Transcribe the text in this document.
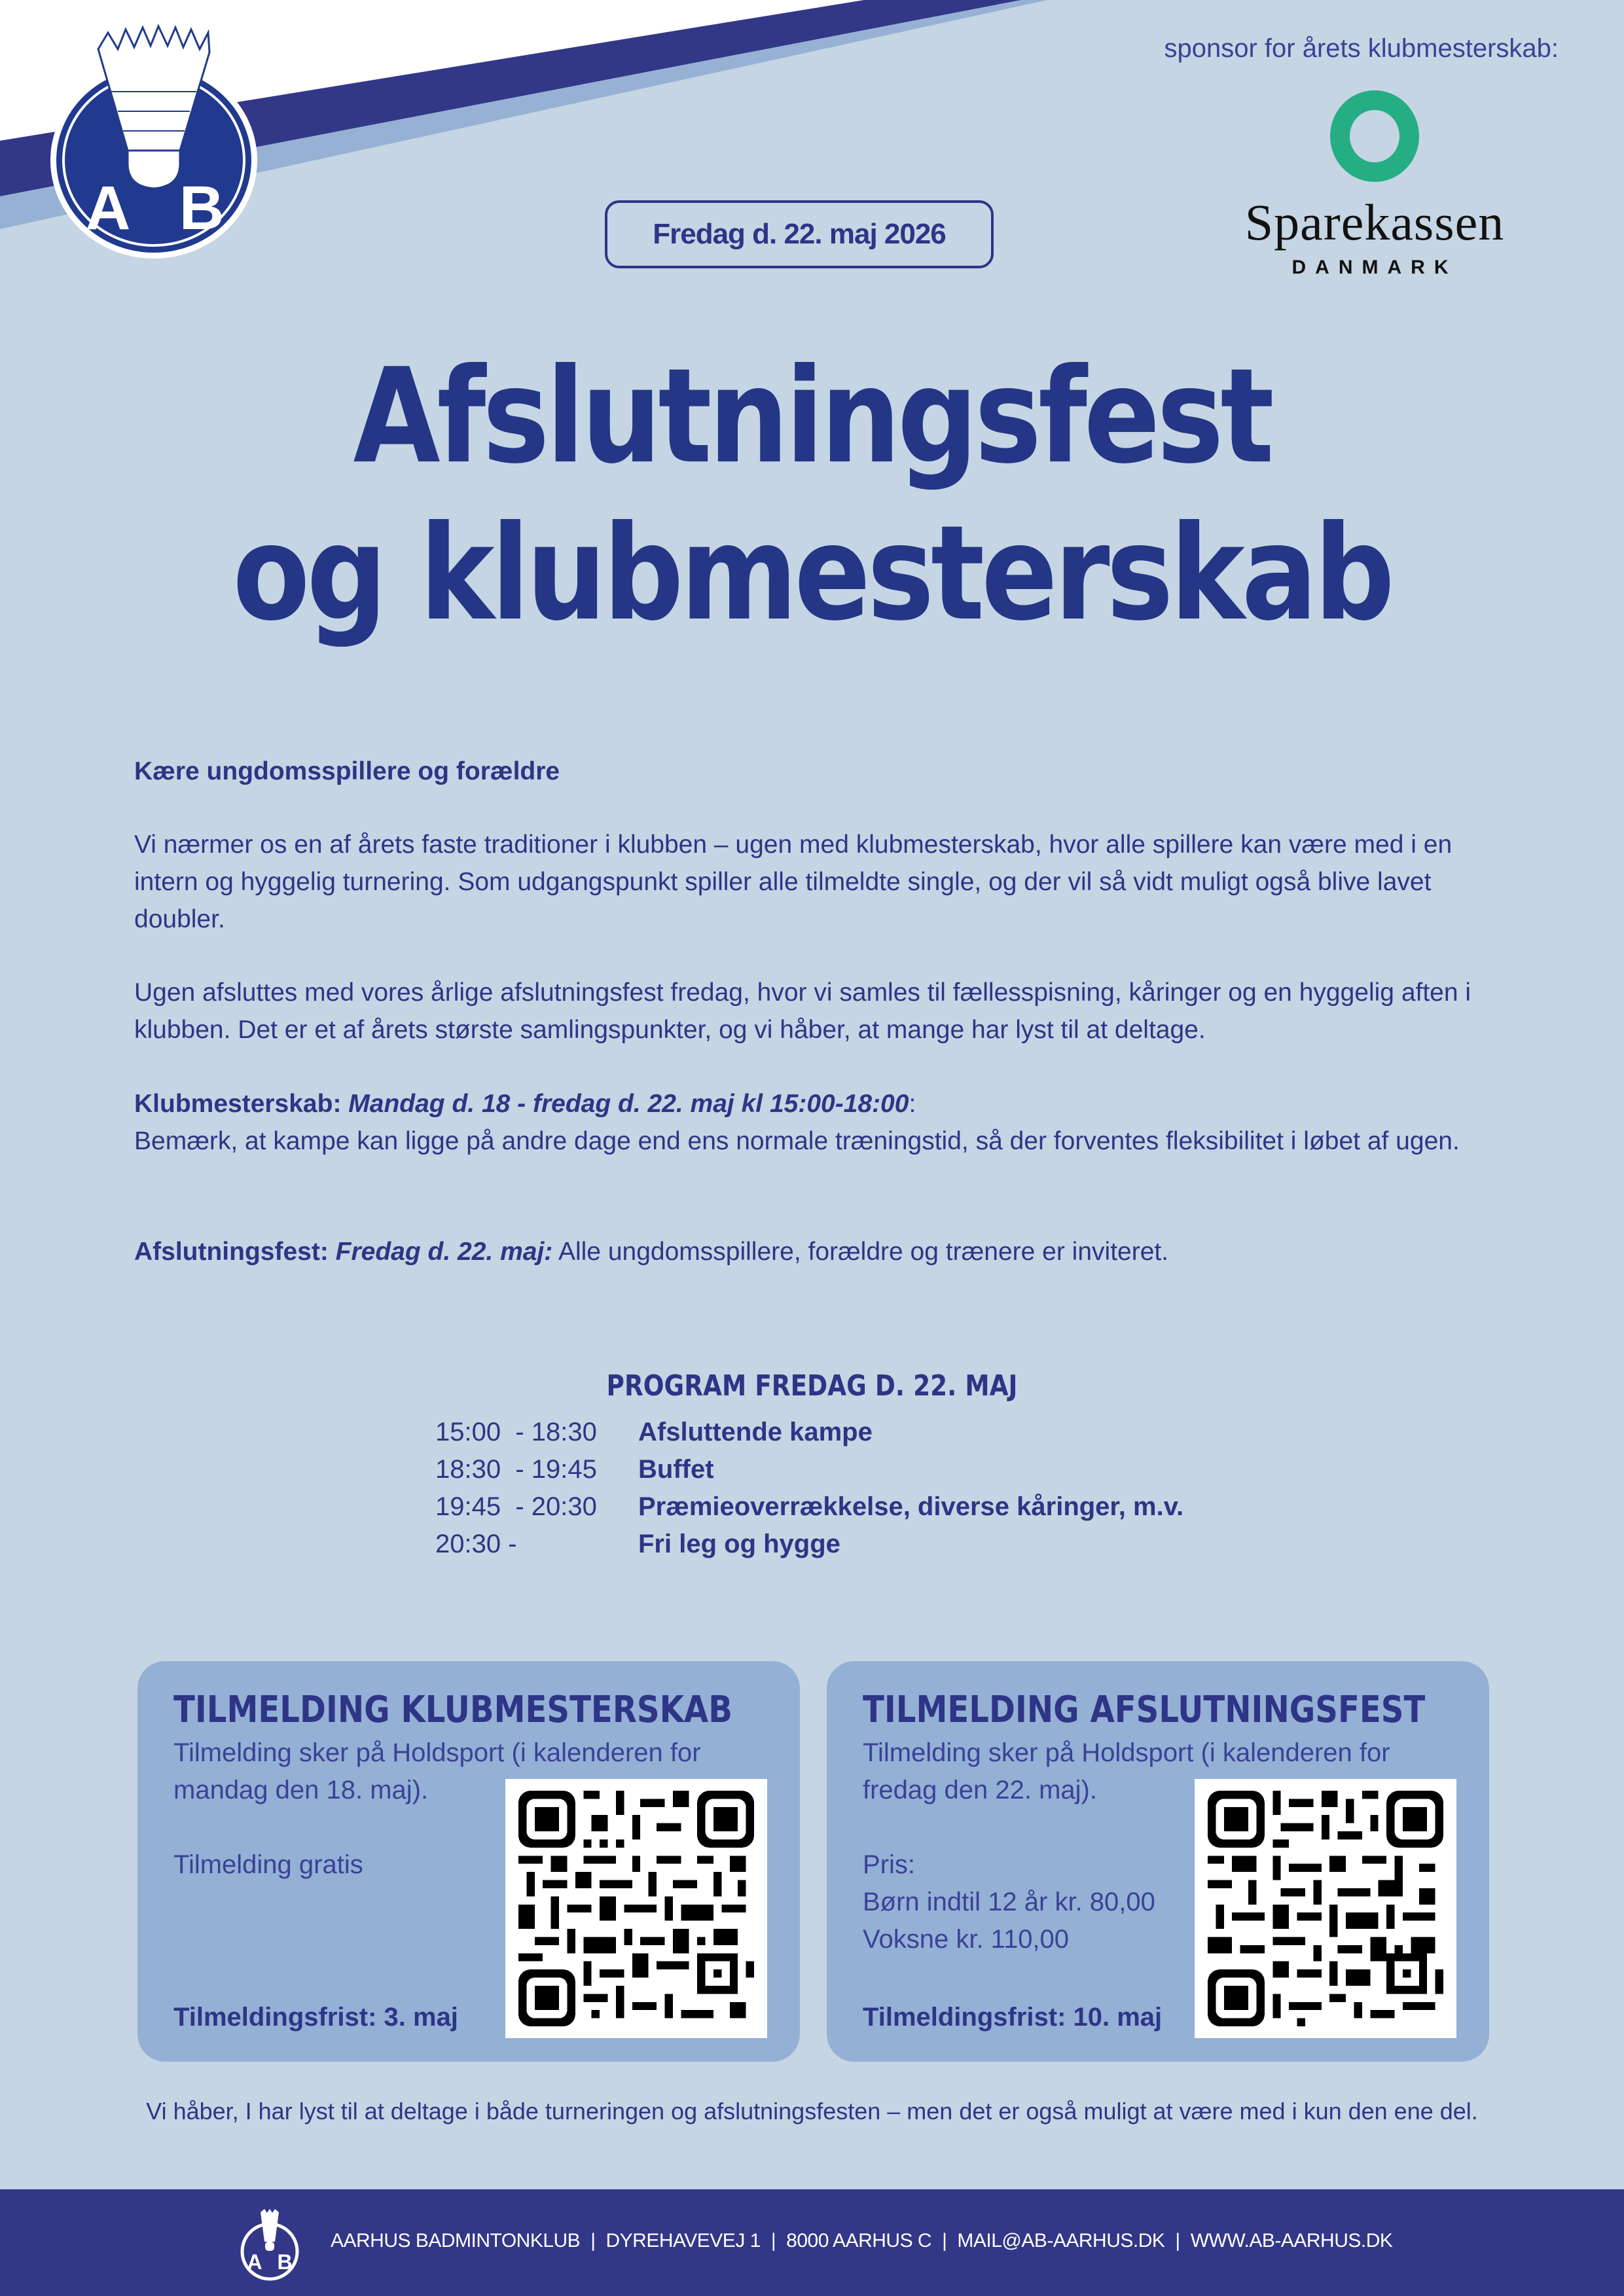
A B
sponsor for årets klubmesterskab:
Sparekassen
DANMARK
Fredag d. 22. maj 2026
Afslutningsfest
og klubmesterskab
Kære ungdomsspillere og forældre
Vi nærmer os en af årets faste traditioner i klubben – ugen med klubmesterskab, hvor alle spillere kan være med i en intern og hyggelig turnering. Som udgangspunkt spiller alle tilmeldte single, og der vil så vidt muligt også blive lavet doubler.
Ugen afsluttes med vores årlige afslutningsfest fredag, hvor vi samles til fællesspisning, kåringer og en hyggelig aften i klubben. Det er et af årets største samlingspunkter, og vi håber, at mange har lyst til at deltage.
Klubmesterskab: Mandag d. 18 - fredag d. 22. maj kl 15:00-18:00:
Bemærk, at kampe kan ligge på andre dage end ens normale træningstid, så der forventes fleksibilitet i løbet af ugen.
Afslutningsfest: Fredag d. 22. maj: Alle ungdomsspillere, forældre og trænere er inviteret.
PROGRAM FREDAG D. 22. MAJ
15:00  - 18:30	Afsluttende kampe
18:30  - 19:45	Buffet
19:45  - 20:30	Præmieoverrækkelse, diverse kåringer, m.v.
20:30 -	Fri leg og hygge
TILMELDING KLUBMESTERSKAB
Tilmelding sker på Holdsport (i kalenderen for
mandag den 18. maj).
Tilmelding gratis
Tilmeldingsfrist: 3. maj
TILMELDING AFSLUTNINGSFEST
Tilmelding sker på Holdsport (i kalenderen for
fredag den 22. maj).
Pris:
Børn indtil 12 år kr. 80,00
Voksne kr. 110,00
Tilmeldingsfrist: 10. maj
Vi håber, I har lyst til at deltage i både turneringen og afslutningsfesten – men det er også muligt at være med i kun den ene del.
A B
AARHUS BADMINTONKLUB | DYREHAVEVEJ 1 | 8000 AARHUS C | MAIL@AB-AARHUS.DK | WWW.AB-AARHUS.DK
